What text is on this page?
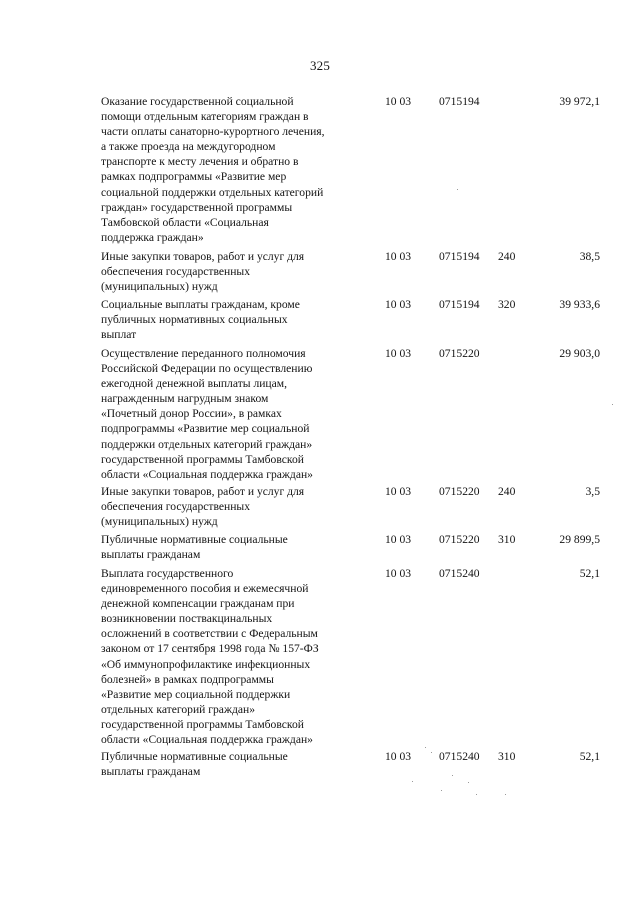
325
Оказание государственной социальной
помощи отдельным категориям граждан в
части оплаты санаторно-курортного лечения,
а также проезда на междугородном
транспорте к месту лечения и обратно в
рамках подпрограммы «Развитие мер
социальной поддержки отдельных категорий
граждан» государственной программы
Тамбовской области «Социальная
поддержка граждан»
10 03 0715194	39 972,1
Иные закупки товаров, работ и услуг для
обеспечения государственных
(муниципальных) нужд
10 03 0715194 240	38,5
Социальные выплаты гражданам, кроме
публичных нормативных социальных
выплат
10 03 0715194 320	39 933,6
Осуществление переданного полномочия
Российской Федерации по осуществлению
ежегодной денежной выплаты лицам,
награжденным нагрудным знаком
«Почетный донор России», в рамках
подпрограммы «Развитие мер социальной
поддержки отдельных категорий граждан»
государственной программы Тамбовской
области «Социальная поддержка граждан»
10 03 0715220	29 903,0
Иные закупки товаров, работ и услуг для
обеспечения государственных
(муниципальных) нужд
10 03 0715220 240	3,5
Публичные нормативные социальные
выплаты гражданам
10 03 0715220 310	29 899,5
Выплата государственного
единовременного пособия и ежемесячной
денежной компенсации гражданам при
возникновении поствакцинальных
осложнений в соответствии с Федеральным
законом от 17 сентября 1998 года № 157-ФЗ
«Об иммунопрофилактике инфекционных
болезней» в рамках подпрограммы
«Развитие мер социальной поддержки
отдельных категорий граждан»
государственной программы Тамбовской
области «Социальная поддержка граждан»
10 03 0715240	52,1
Публичные нормативные социальные
выплаты гражданам
10 03 0715240 310	52,1
